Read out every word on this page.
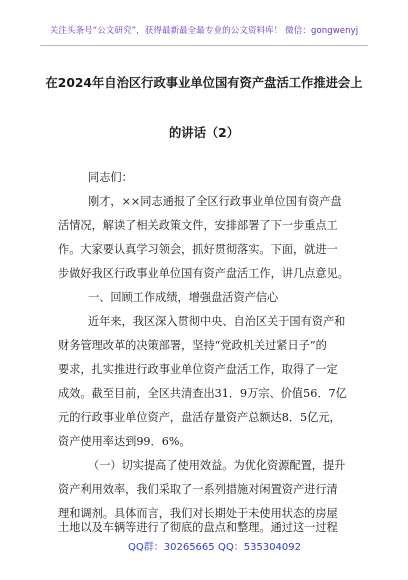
关注头条号“公文研究”，获得最新最全最专业的公文资料库！ 微信：gongwenyj
在2024年自治区行政事业单位国有资产盘活工作推进会上
的讲话（2）
同志们：
刚才，××同志通报了全区行政事业单位国有资产盘
活情况，解读了相关政策文件，安排部署了下一步重点工
作。大家要认真学习领会，抓好贯彻落实。下面，就进一
步做好我区行政事业单位国有资产盘活工作，讲几点意见。
一、回顾工作成绩，增强盘活资产信心
近年来，我区深入贯彻中央、自治区关于国有资产和
财务管理改革的决策部署，坚持“党政机关过紧日子”的
要求，扎实推进行政事业单位资产盘活工作，取得了一定
成效。截至目前，全区共清查出31．9万宗、价值56．7亿
元的行政事业单位资产，盘活存量资产总额达8．5亿元，
资产使用率达到99．6%。
（一）切实提高了使用效益。为优化资源配置，提升
资产利用效率，我们采取了一系列措施对闲置资产进行清
理和调剂。具体而言，我们对长期处于未使用状态的房屋
土地以及车辆等进行了彻底的盘点和整理。通过这一过程
QQ群：30265665 QQ：535304092
